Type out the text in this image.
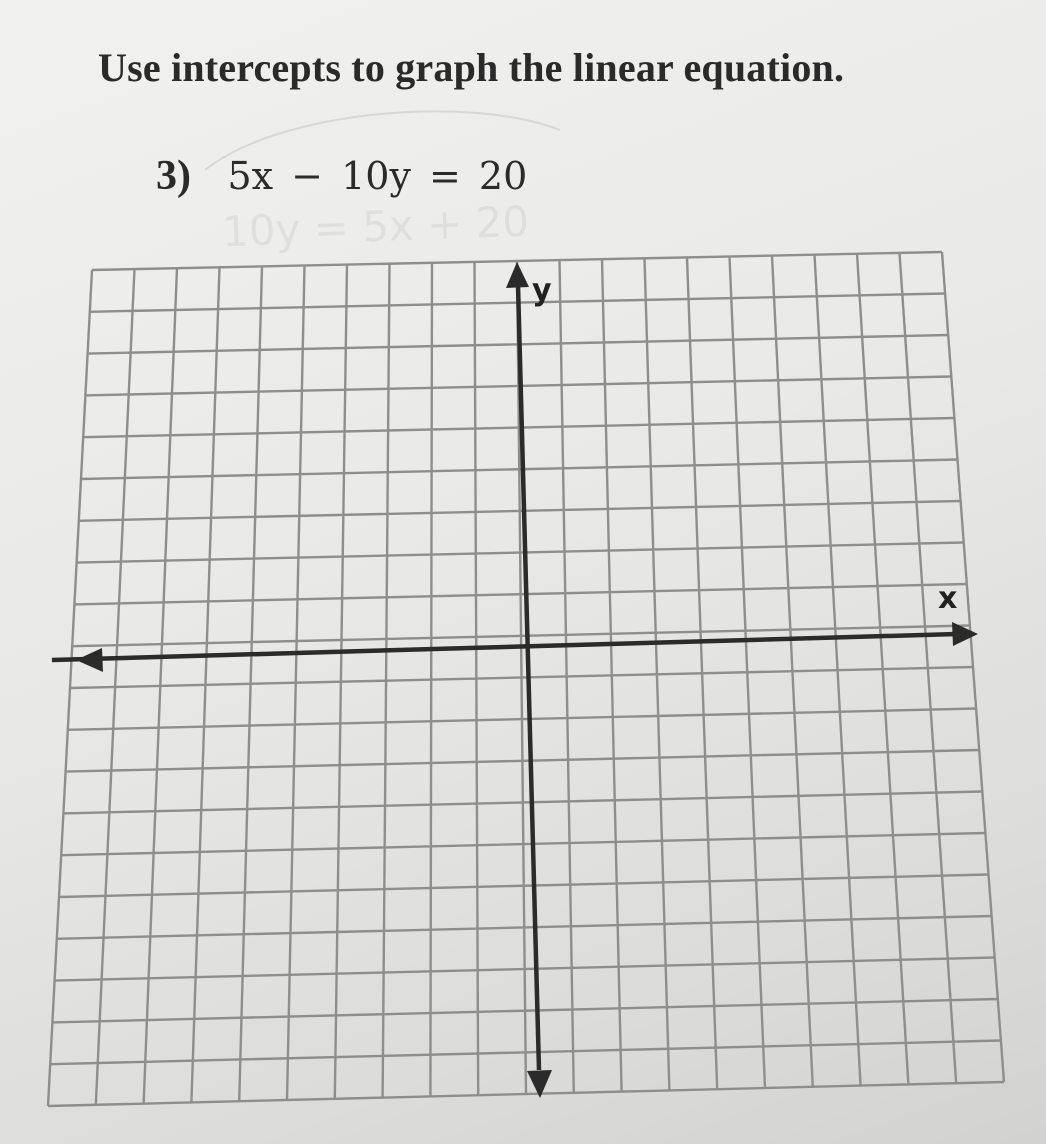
Use intercepts to graph the linear equation.
3) 5x − 10y = 20
10y = 5x + 20
x
y
